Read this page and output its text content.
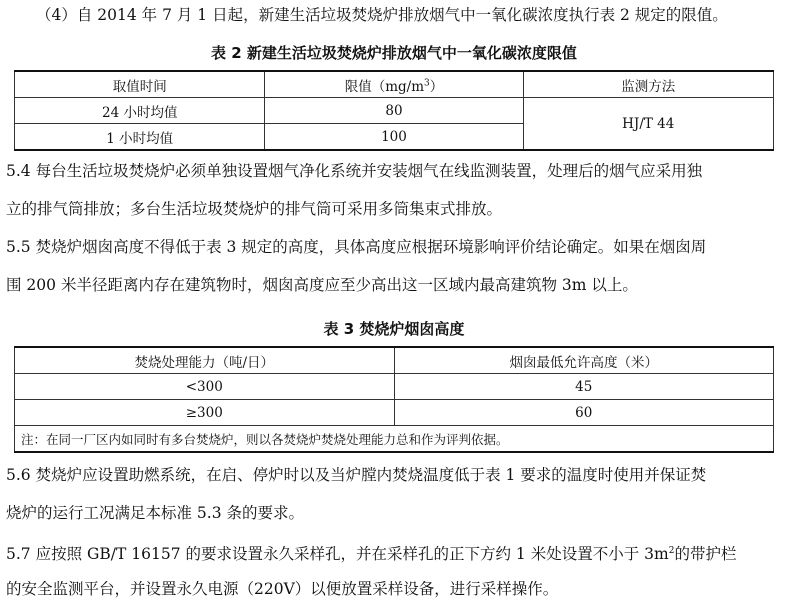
（4）自 2014 年 7 月 1 日起，新建生活垃圾焚烧炉排放烟气中一氧化碳浓度执行表 2 规定的限值。

表 2 新建生活垃圾焚烧炉排放烟气中一氧化碳浓度限值

取值时间	限值$(mg/m^3)$	监测方法
24 小时均值	80	HJ/T 44
1 小时均值	100	

5.4 每台生活垃圾焚烧炉必须单独设置烟气净化系统并安装烟气在线监测装置，处理后的烟气应采用独

立的排气筒排放；多台生活垃圾焚烧炉的排气筒可采用多筒集束式排放。

5.5 焚烧炉烟囱高度不得低于表 3 规定的高度，具体高度应根据环境影响评价结论确定。如果在烟囱周

围 200 米半径距离内存在建筑物时，烟囱高度应至少高出这一区域内最高建筑物 3m 以上。

表 3 焚烧炉烟囱高度

焚烧处理能力（吨/日）	烟囱最低允许高度（米）
<300	45
≥300	60
注：在同一厂区内如同时有多台焚烧炉，则以各焚烧炉焚烧处理能力总和作为评判依据。	

5.6 焚烧炉应设置助燃系统，在启、停炉时以及当炉膛内焚烧温度低于表 1 要求的温度时使用并保证焚

烧炉的运行工况满足本标准 5.3 条的要求。

5.7 应按照 GB/T 16157 的要求设置永久采样孔，并在采样孔的正下方约 1 米处设置不小于 $3m^2$的带护栏

的安全监测平台，并设置永久电源（220V）以便放置采样设备，进行采样操作。
